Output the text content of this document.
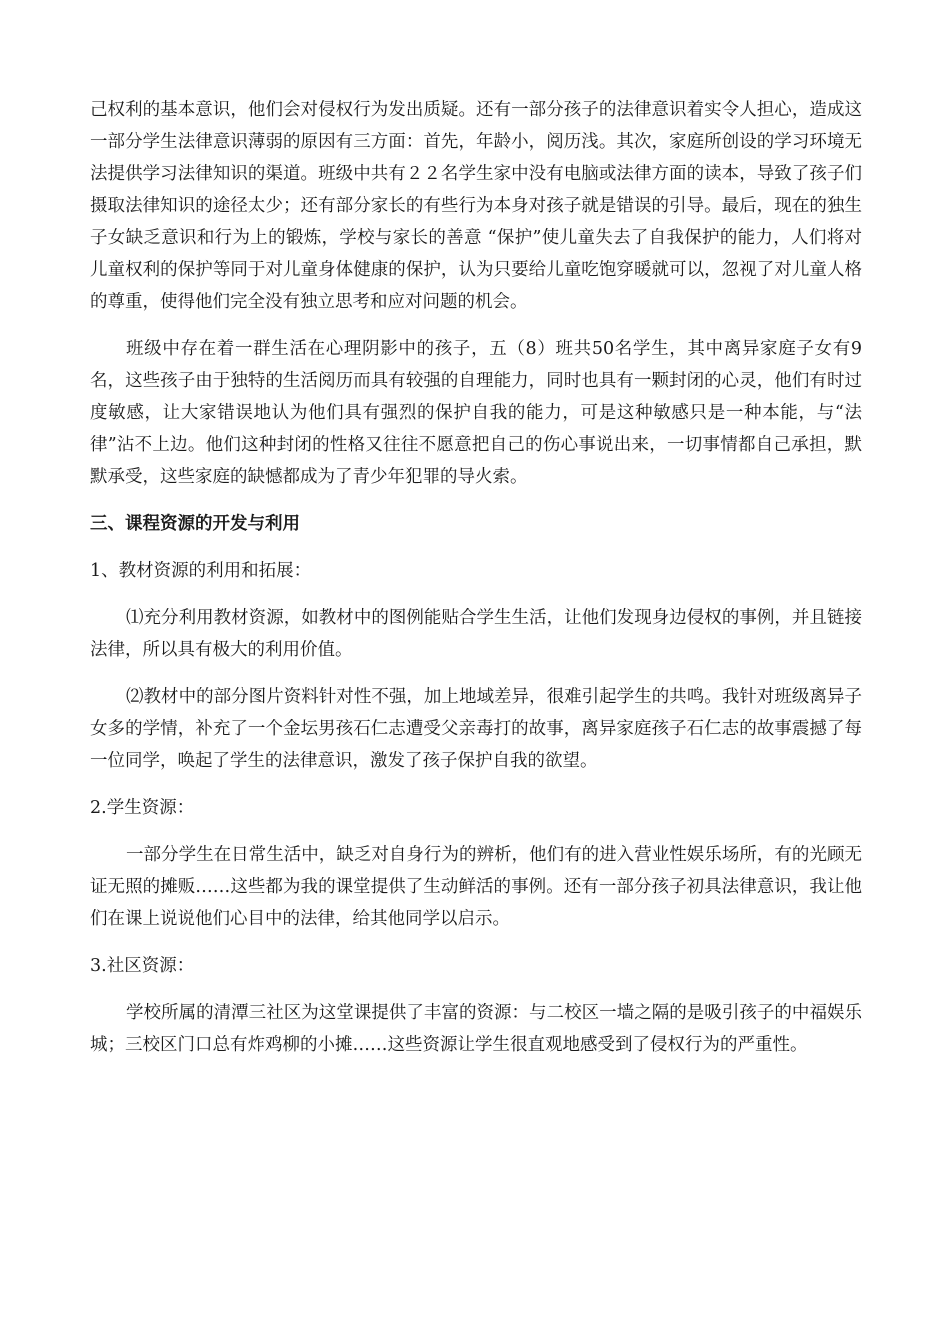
己权利的基本意识，他们会对侵权行为发出质疑。还有一部分孩子的法律意识着实令人担心，造成这一部分学生法律意识薄弱的原因有三方面：首先，年龄小，阅历浅。其次，家庭所创设的学习环境无法提供学习法律知识的渠道。班级中共有２２名学生家中没有电脑或法律方面的读本，导致了孩子们摄取法律知识的途径太少；还有部分家长的有些行为本身对孩子就是错误的引导。最后，现在的独生子女缺乏意识和行为上的锻炼，学校与家长的善意 “保护”使儿童失去了自我保护的能力，人们将对儿童权利的保护等同于对儿童身体健康的保护，认为只要给儿童吃饱穿暖就可以，忽视了对儿童人格的尊重，使得他们完全没有独立思考和应对问题的机会。

班级中存在着一群生活在心理阴影中的孩子，五（8）班共50名学生，其中离异家庭子女有9名，这些孩子由于独特的生活阅历而具有较强的自理能力，同时也具有一颗封闭的心灵，他们有时过度敏感，让大家错误地认为他们具有强烈的保护自我的能力，可是这种敏感只是一种本能，与“法律”沾不上边。他们这种封闭的性格又往往不愿意把自己的伤心事说出来，一切事情都自己承担，默默承受，这些家庭的缺憾都成为了青少年犯罪的导火索。

三、课程资源的开发与利用

1、教材资源的利用和拓展：

⑴充分利用教材资源，如教材中的图例能贴合学生生活，让他们发现身边侵权的事例，并且链接法律，所以具有极大的利用价值。

⑵教材中的部分图片资料针对性不强，加上地域差异，很难引起学生的共鸣。我针对班级离异子女多的学情，补充了一个金坛男孩石仁志遭受父亲毒打的故事，离异家庭孩子石仁志的故事震撼了每一位同学，唤起了学生的法律意识，激发了孩子保护自我的欲望。

2.学生资源：

一部分学生在日常生活中，缺乏对自身行为的辨析，他们有的进入营业性娱乐场所，有的光顾无证无照的摊贩……这些都为我的课堂提供了生动鲜活的事例。还有一部分孩子初具法律意识，我让他们在课上说说他们心目中的法律，给其他同学以启示。

3.社区资源：

学校所属的清潭三社区为这堂课提供了丰富的资源：与二校区一墙之隔的是吸引孩子的中福娱乐城；三校区门口总有炸鸡柳的小摊……这些资源让学生很直观地感受到了侵权行为的严重性。
